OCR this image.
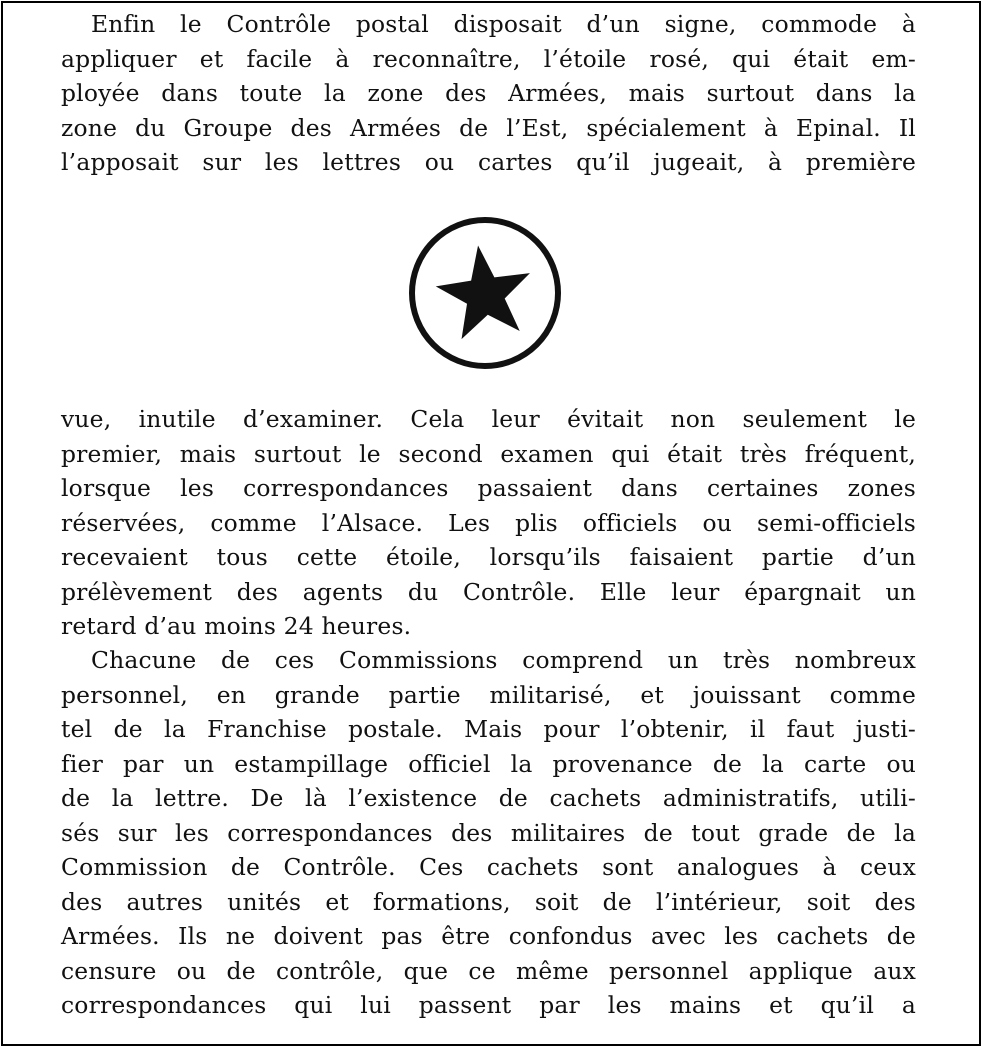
Enfin le Contrôle postal disposait d’un signe, commode à
appliquer et facile à reconnaître, l’étoile rosé, qui était em-
ployée dans toute la zone des Armées, mais surtout dans la
zone du Groupe des Armées de l’Est, spécialement à Epinal. Il
l’apposait sur les lettres ou cartes qu’il jugeait, à première
vue, inutile d’examiner. Cela leur évitait non seulement le
premier, mais surtout le second examen qui était très fréquent,
lorsque les correspondances passaient dans certaines zones
réservées, comme l’Alsace. Les plis officiels ou semi-officiels
recevaient tous cette étoile, lorsqu’ils faisaient partie d’un
prélèvement des agents du Contrôle. Elle leur épargnait un
retard d’au moins 24 heures.
Chacune de ces Commissions comprend un très nombreux
personnel, en grande partie militarisé, et jouissant comme
tel de la Franchise postale. Mais pour l’obtenir, il faut justi-
fier par un estampillage officiel la provenance de la carte ou
de la lettre. De là l’existence de cachets administratifs, utili-
sés sur les correspondances des militaires de tout grade de la
Commission de Contrôle. Ces cachets sont analogues à ceux
des autres unités et formations, soit de l’intérieur, soit des
Armées. Ils ne doivent pas être confondus avec les cachets de
censure ou de contrôle, que ce même personnel applique aux
correspondances qui lui passent par les mains et qu’il a
